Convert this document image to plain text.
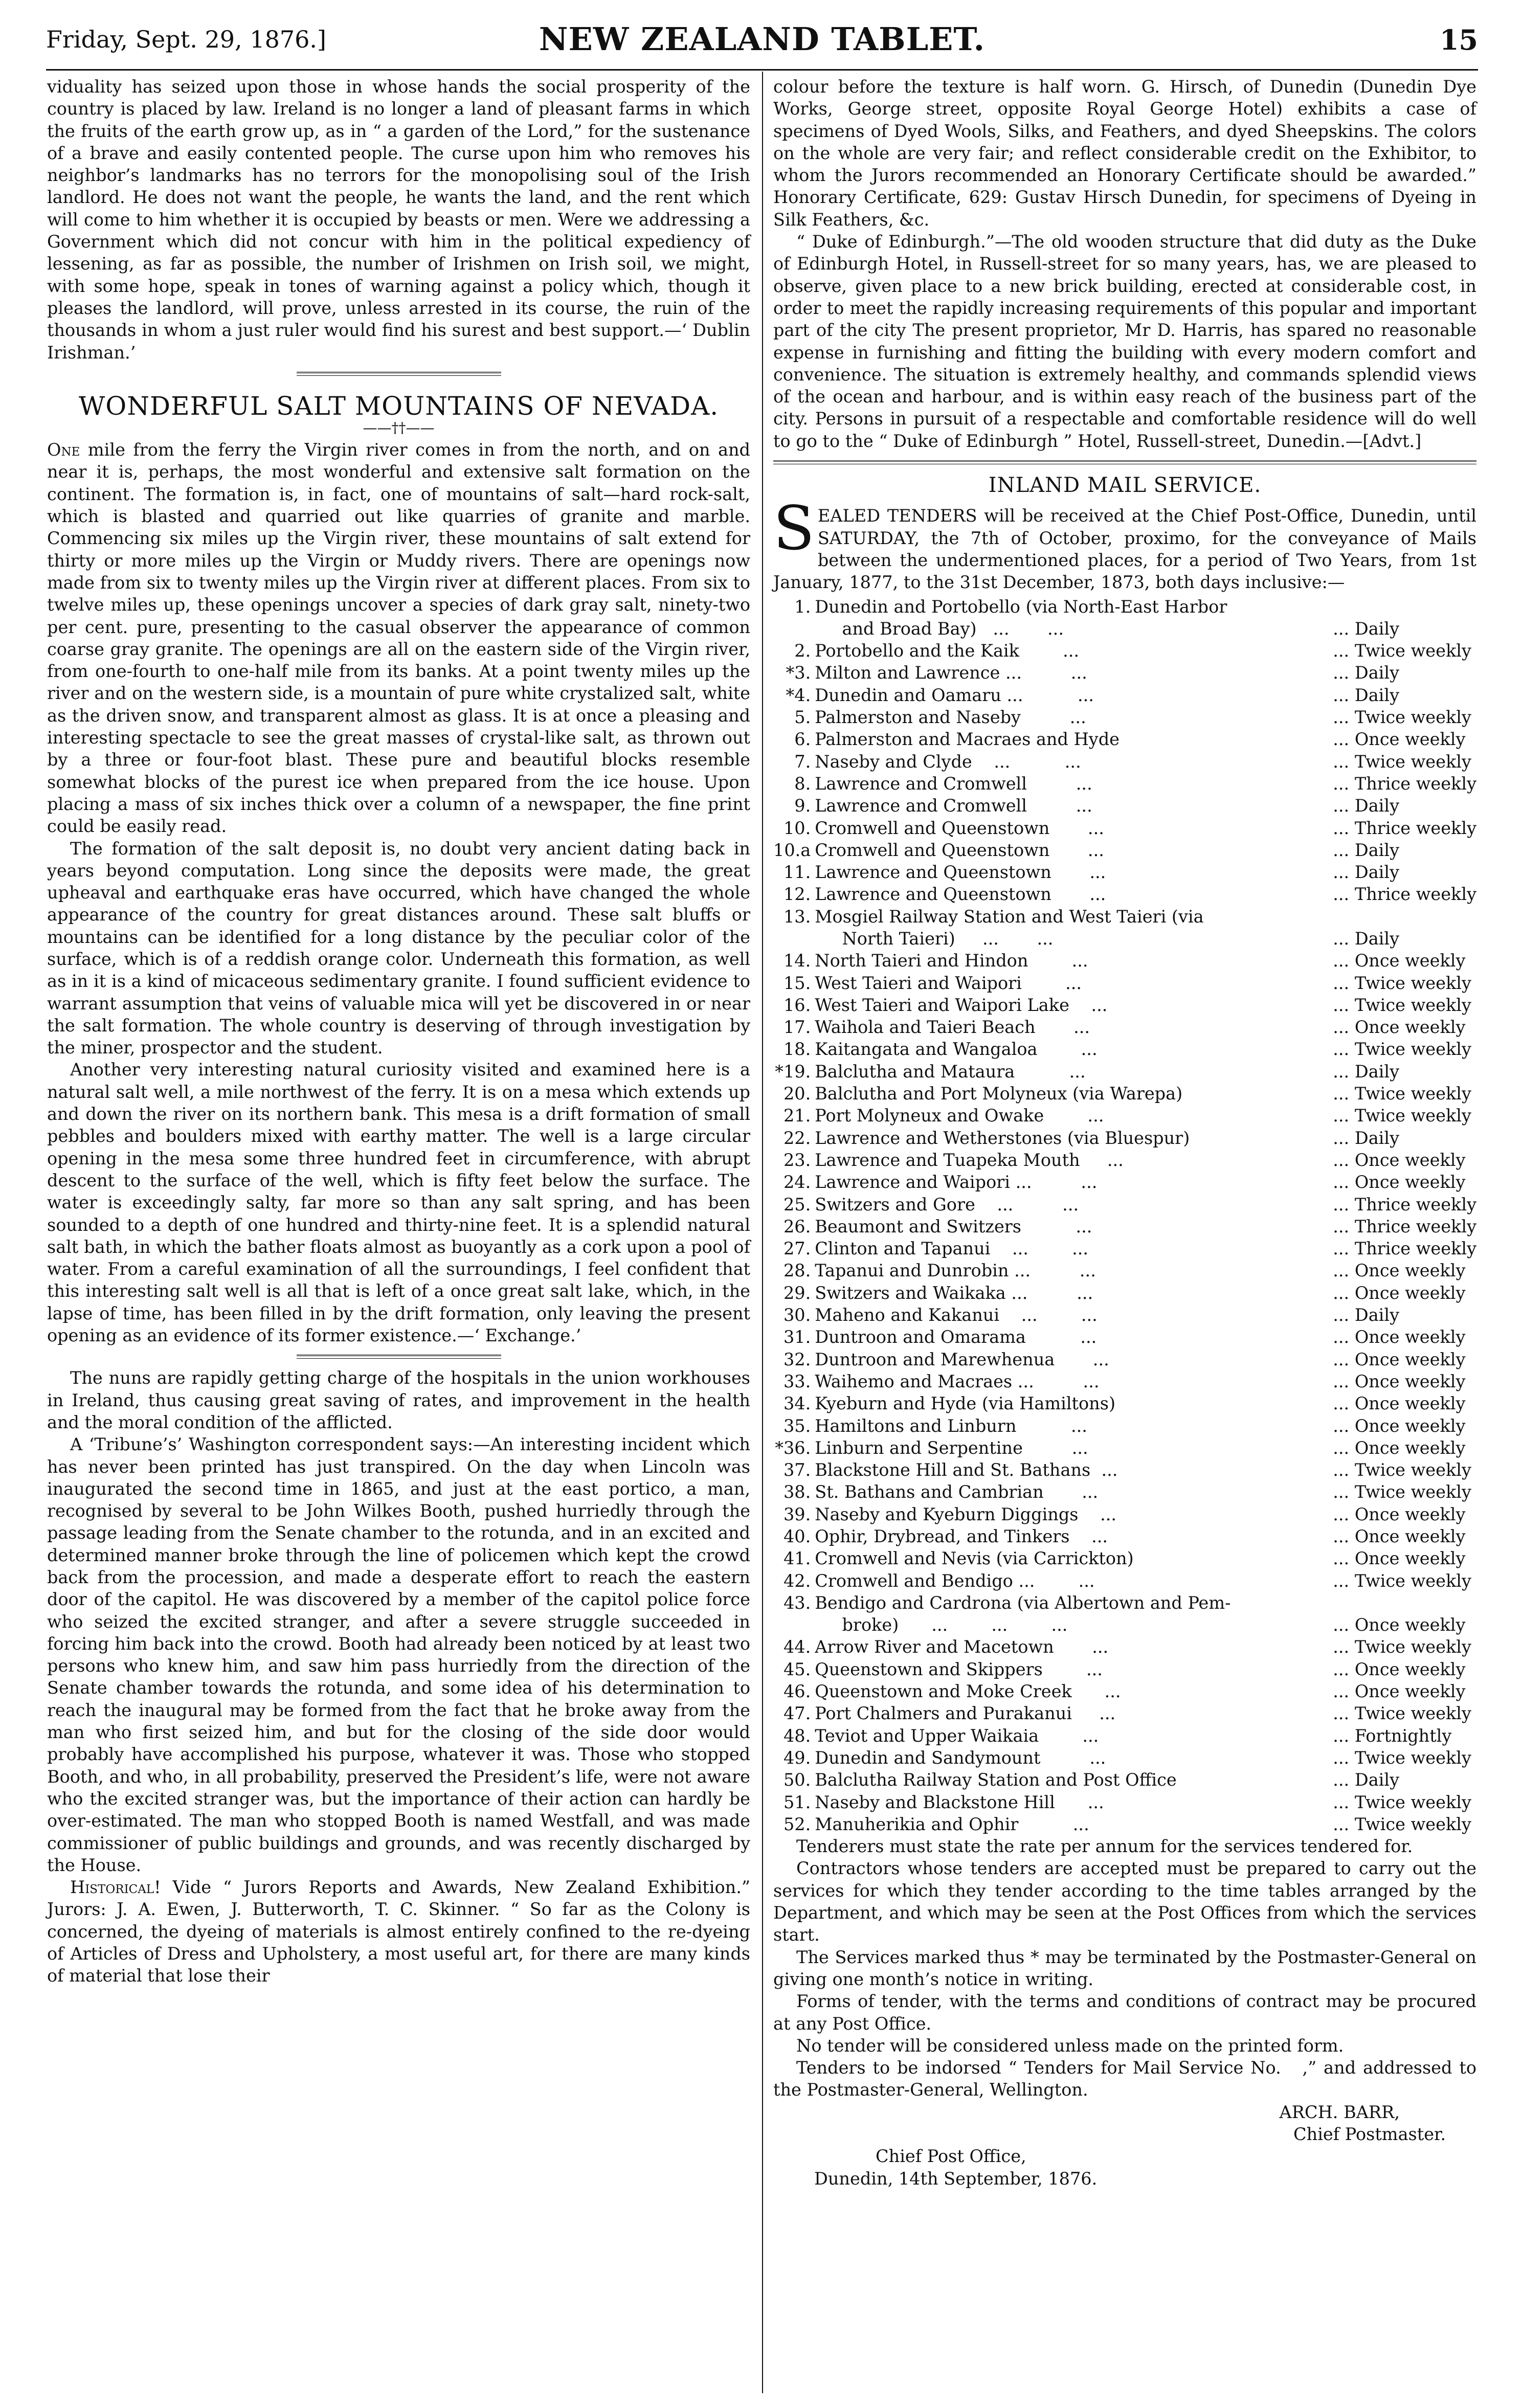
Friday, Sept. 29, 1876.]	NEW ZEALAND TABLET.	15

viduality has seized upon those in whose hands the social prosperity of the country is placed by law. Ireland is no longer a land of pleasant farms in which the fruits of the earth grow up, as in “ a garden of the Lord,” for the sustenance of a brave and easily contented people. The curse upon him who removes his neighbor’s landmarks has no terrors for the monopolising soul of the Irish landlord. He does not want the people, he wants the land, and the rent which will come to him whether it is occupied by beasts or men. Were we addressing a Government which did not concur with him in the political expediency of lessening, as far as possible, the number of Irishmen on Irish soil, we might, with some hope, speak in tones of warning against a policy which, though it pleases the landlord, will prove, unless arrested in its course, the ruin of the thousands in whom a just ruler would find his surest and best support.—‘ Dublin Irishman.’

WONDERFUL SALT MOUNTAINS OF NEVADA.
——††——

One mile from the ferry the Virgin river comes in from the north, and on and near it is, perhaps, the most wonderful and extensive salt formation on the continent. The formation is, in fact, one of mountains of salt—hard rock-salt, which is blasted and quarried out like quarries of granite and marble. Commencing six miles up the Virgin river, these mountains of salt extend for thirty or more miles up the Virgin or Muddy rivers. There are openings now made from six to twenty miles up the Virgin river at different places. From six to twelve miles up, these openings uncover a species of dark gray salt, ninety-two per cent. pure, presenting to the casual observer the appearance of common coarse gray granite. The openings are all on the eastern side of the Virgin river, from one-fourth to one-half mile from its banks. At a point twenty miles up the river and on the western side, is a mountain of pure white crystalized salt, white as the driven snow, and transparent almost as glass. It is at once a pleasing and interesting spectacle to see the great masses of crystal-like salt, as thrown out by a three or four-foot blast. These pure and beautiful blocks resemble somewhat blocks of the purest ice when prepared from the ice house. Upon placing a mass of six inches thick over a column of a newspaper, the fine print could be easily read.

The formation of the salt deposit is, no doubt very ancient dating back in years beyond computation. Long since the deposits were made, the great upheaval and earthquake eras have occurred, which have changed the whole appearance of the country for great distances around. These salt bluffs or mountains can be identified for a long distance by the peculiar color of the surface, which is of a reddish orange color. Underneath this formation, as well as in it is a kind of micaceous sedimentary granite. I found sufficient evidence to warrant assumption that veins of valuable mica will yet be discovered in or near the salt formation. The whole country is deserving of through investigation by the miner, prospector and the student.

Another very interesting natural curiosity visited and examined here is a natural salt well, a mile northwest of the ferry. It is on a mesa which extends up and down the river on its northern bank. This mesa is a drift formation of small pebbles and boulders mixed with earthy matter. The well is a large circular opening in the mesa some three hundred feet in circumference, with abrupt descent to the surface of the well, which is fifty feet below the surface. The water is exceedingly salty, far more so than any salt spring, and has been sounded to a depth of one hundred and thirty-nine feet. It is a splendid natural salt bath, in which the bather floats almost as buoyantly as a cork upon a pool of water. From a careful examination of all the surroundings, I feel confident that this interesting salt well is all that is left of a once great salt lake, which, in the lapse of time, has been filled in by the drift formation, only leaving the present opening as an evidence of its former existence.—‘ Exchange.’

The nuns are rapidly getting charge of the hospitals in the union workhouses in Ireland, thus causing great saving of rates, and improvement in the health and the moral condition of the afflicted.

A ‘Tribune’s’ Washington correspondent says:—An interesting incident which has never been printed has just transpired. On the day when Lincoln was inaugurated the second time in 1865, and just at the east portico, a man, recognised by several to be John Wilkes Booth, pushed hurriedly through the passage leading from the Senate chamber to the rotunda, and in an excited and determined manner broke through the line of policemen which kept the crowd back from the procession, and made a desperate effort to reach the eastern door of the capitol. He was discovered by a member of the capitol police force who seized the excited stranger, and after a severe struggle succeeded in forcing him back into the crowd. Booth had already been noticed by at least two persons who knew him, and saw him pass hurriedly from the direction of the Senate chamber towards the rotunda, and some idea of his determination to reach the inaugural may be formed from the fact that he broke away from the man who first seized him, and but for the closing of the side door would probably have accomplished his purpose, whatever it was. Those who stopped Booth, and who, in all probability, preserved the President’s life, were not aware who the excited stranger was, but the importance of their action can hardly be over-estimated. The man who stopped Booth is named Westfall, and was made commissioner of public buildings and grounds, and was recently discharged by the House.

Historical! Vide “ Jurors Reports and Awards, New Zealand Exhibition.” Jurors: J. A. Ewen, J. Butterworth, T. C. Skinner. “ So far as the Colony is concerned, the dyeing of materials is almost entirely confined to the re-dyeing of Articles of Dress and Upholstery, a most useful art, for there are many kinds of material that lose their

colour before the texture is half worn. G. Hirsch, of Dunedin (Dunedin Dye Works, George street, opposite Royal George Hotel) exhibits a case of specimens of Dyed Wools, Silks, and Feathers, and dyed Sheepskins. The colors on the whole are very fair; and reflect considerable credit on the Exhibitor, to whom the Jurors recommended an Honorary Certificate should be awarded.” Honorary Certificate, 629: Gustav Hirsch Dunedin, for specimens of Dyeing in Silk Feathers, &c.

“ Duke of Edinburgh.”—The old wooden structure that did duty as the Duke of Edinburgh Hotel, in Russell-street for so many years, has, we are pleased to observe, given place to a new brick building, erected at considerable cost, in order to meet the rapidly increasing requirements of this popular and important part of the city The present proprietor, Mr D. Harris, has spared no reasonable expense in furnishing and fitting the building with every modern comfort and convenience. The situation is extremely healthy, and commands splendid views of the ocean and harbour, and is within easy reach of the business part of the city. Persons in pursuit of a respectable and comfortable residence will do well to go to the “ Duke of Edinburgh ” Hotel, Russell-street, Dunedin.—[Advt.]

INLAND MAIL SERVICE.

SEALED TENDERS will be received at the Chief Post-Office, Dunedin, until SATURDAY, the 7th of October, proximo, for the conveyance of Mails between the undermentioned places, for a period of Two Years, from 1st January, 1877, to the 31st December, 1873, both days inclusive:—

1.	Dunedin and Portobello (via North-East Harbor	
	and Broad Bay)   ...       ...	... Daily
2.	Portobello and the Kaik        ...	... Twice weekly
*3.	Milton and Lawrence ...         ...	... Daily
*4.	Dunedin and Oamaru ...          ...	... Daily
5.	Palmerston and Naseby         ...	... Twice weekly
6.	Palmerston and Macraes and Hyde	... Once weekly
7.	Naseby and Clyde    ...          ...	... Twice weekly
8.	Lawrence and Cromwell         ...	... Thrice weekly
9.	Lawrence and Cromwell         ...	... Daily
10.	Cromwell and Queenstown       ...	... Thrice weekly
10.a	Cromwell and Queenstown       ...	... Daily
11.	Lawrence and Queenstown       ...	... Daily
12.	Lawrence and Queenstown       ...	... Thrice weekly
13.	Mosgiel Railway Station and West Taieri (via	
	North Taieri)     ...       ...	... Daily
14.	North Taieri and Hindon        ...	... Once weekly
15.	West Taieri and Waipori        ...	... Twice weekly
16.	West Taieri and Waipori Lake    ...	... Twice weekly
17.	Waihola and Taieri Beach       ...	... Once weekly
18.	Kaitangata and Wangaloa        ...	... Twice weekly
*19.	Balclutha and Mataura          ...	... Daily
20.	Balclutha and Port Molyneux (via Warepa)	... Twice weekly
21.	Port Molyneux and Owake        ...	... Twice weekly
22.	Lawrence and Wetherstones (via Bluespur)	... Daily
23.	Lawrence and Tuapeka Mouth     ...	... Once weekly
24.	Lawrence and Waipori ...         ...	... Once weekly
25.	Switzers and Gore    ...         ...	... Thrice weekly
26.	Beaumont and Switzers          ...	... Thrice weekly
27.	Clinton and Tapanui    ...        ...	... Thrice weekly
28.	Tapanui and Dunrobin ...         ...	... Once weekly
29.	Switzers and Waikaka ...         ...	... Once weekly
30.	Maheno and Kakanui    ...        ...	... Daily
31.	Duntroon and Omarama          ...	... Once weekly
32.	Duntroon and Marewhenua       ...	... Once weekly
33.	Waihemo and Macraes ...         ...	... Once weekly
34.	Kyeburn and Hyde (via Hamiltons)	... Once weekly
35.	Hamiltons and Linburn          ...	... Once weekly
*36.	Linburn and Serpentine         ...	... Once weekly
37.	Blackstone Hill and St. Bathans  ...	... Twice weekly
38.	St. Bathans and Cambrian       ...	... Twice weekly
39.	Naseby and Kyeburn Diggings    ...	... Once weekly
40.	Ophir, Drybread, and Tinkers    ...	... Once weekly
41.	Cromwell and Nevis (via Carrickton)	... Once weekly
42.	Cromwell and Bendigo ...        ...	... Twice weekly
43.	Bendigo and Cardrona (via Albertown and Pem-	
	broke)      ...        ...        ...	... Once weekly
44.	Arrow River and Macetown       ...	... Twice weekly
45.	Queenstown and Skippers        ...	... Once weekly
46.	Queenstown and Moke Creek      ...	... Once weekly
47.	Port Chalmers and Purakanui     ...	... Twice weekly
48.	Teviot and Upper Waikaia        ...	... Fortnightly
49.	Dunedin and Sandymount         ...	... Twice weekly
50.	Balclutha Railway Station and Post Office	... Daily
51.	Naseby and Blackstone Hill      ...	... Twice weekly
52.	Manuherikia and Ophir          ...	... Twice weekly

Tenderers must state the rate per annum for the services tendered for.

Contractors whose tenders are accepted must be prepared to carry out the services for which they tender according to the time tables arranged by the Department, and which may be seen at the Post Offices from which the services start.

The Services marked thus * may be terminated by the Postmaster-General on giving one month’s notice in writing.

Forms of tender, with the terms and conditions of contract may be procured at any Post Office.

No tender will be considered unless made on the printed form.

Tenders to be indorsed “ Tenders for Mail Service No.   ,” and addressed to the Postmaster-General, Wellington.

ARCH. BARR,
Chief Postmaster.
Chief Post Office,
Dunedin, 14th September, 1876.
